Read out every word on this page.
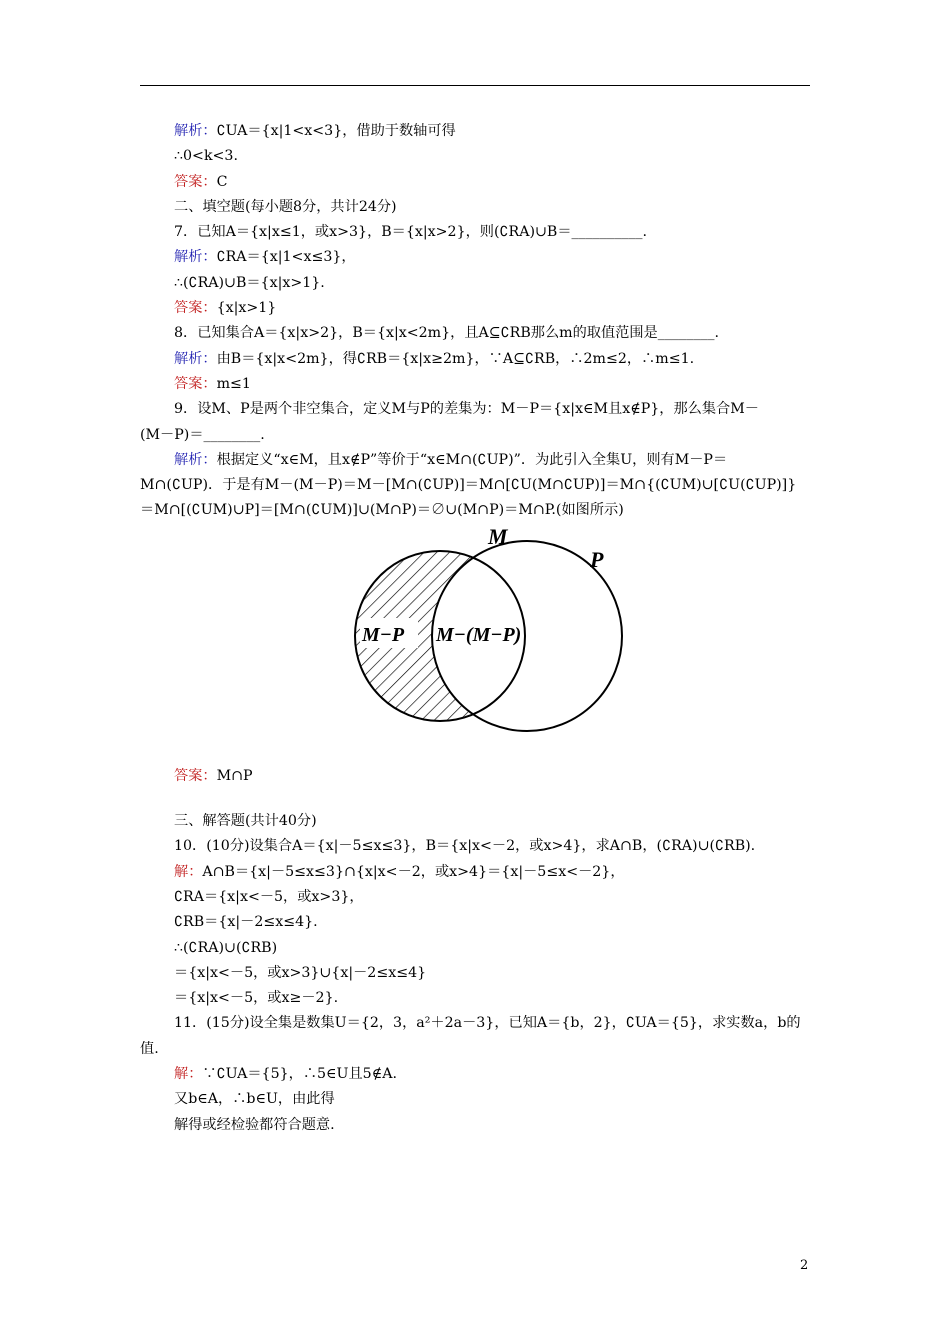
解析：∁UA＝{x|1<x<3}，借助于数轴可得
∴0<k<3.
答案：C
二、填空题(每小题8分，共计24分)
7．已知A＝{x|x≤1，或x>3}，B＝{x|x>2}，则(∁RA)∪B＝__________.
解析：∁RA＝{x|1<x≤3}，
∴(∁RA)∪B＝{x|x>1}.
答案：{x|x>1}
8．已知集合A＝{x|x>2}，B＝{x|x<2m}，且A⊆∁RB那么m的取值范围是________.
解析：由B＝{x|x<2m}，得∁RB＝{x|x≥2m}，∵A⊆∁RB，∴2m≤2，∴m≤1.
答案：m≤1
9．设M、P是两个非空集合，定义M与P的差集为：M－P＝{x|x∈M且x∉P}，那么集合M－
(M－P)＝________.
解析：根据定义“x∈M，且x∉P”等价于“x∈M∩(∁UP)”．为此引入全集U，则有M－P＝
M∩(∁UP)．于是有M－(M－P)＝M－[M∩(∁UP)]＝M∩[∁U(M∩∁UP)]＝M∩{(∁UM)∪[∁U(∁UP)]}
＝M∩[(∁UM)∪P]＝[M∩(∁UM)]∪(M∩P)＝∅∪(M∩P)＝M∩P.(如图所示)
M
P
M−P M−(M−P)
答案：M∩P
三、解答题(共计40分)
10．(10分)设集合A＝{x|－5≤x≤3}，B＝{x|x<－2，或x>4}，求A∩B，(∁RA)∪(∁RB).
解：A∩B＝{x|－5≤x≤3}∩{x|x<－2，或x>4}＝{x|－5≤x<－2}，
∁RA＝{x|x<－5，或x>3}，
∁RB＝{x|－2≤x≤4}.
∴(∁RA)∪(∁RB)
＝{x|x<－5，或x>3}∪{x|－2≤x≤4}
＝{x|x<－5，或x≥－2}.
11．(15分)设全集是数集U＝{2，3，a²＋2a－3}，已知A＝{b，2}，∁UA＝{5}，求实数a，b的
值.
解：∵∁UA＝{5}，∴5∈U且5∉A.
又b∈A，∴b∈U，由此得
解得或经检验都符合题意.
2
